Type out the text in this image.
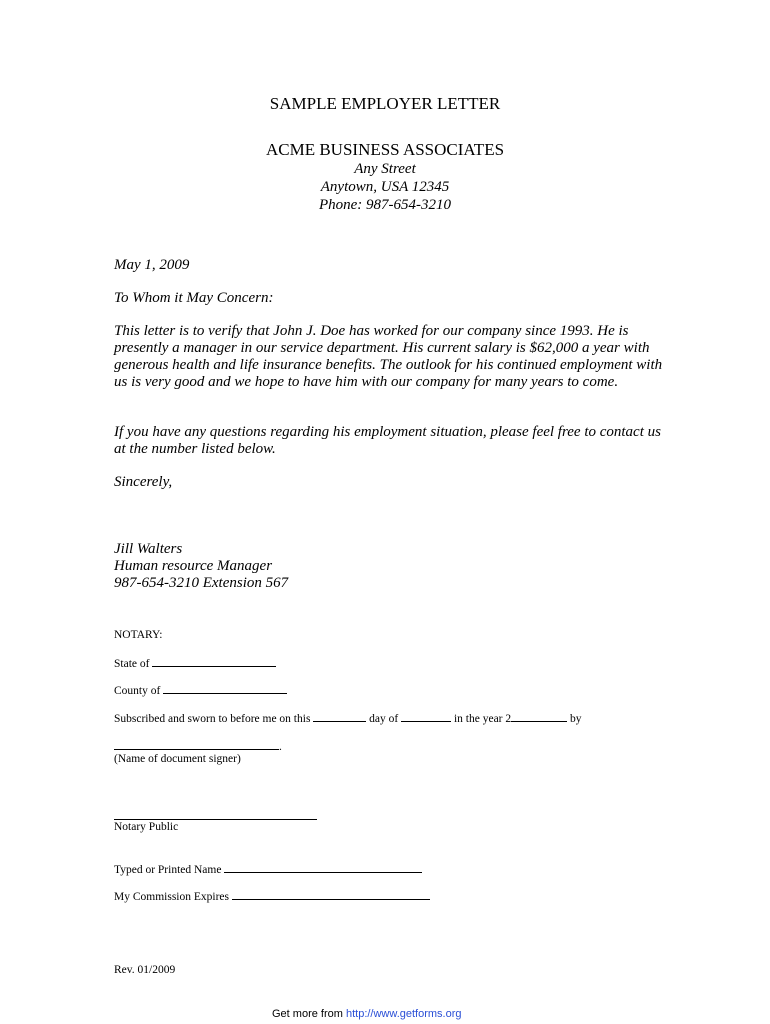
SAMPLE EMPLOYER LETTER
ACME BUSINESS ASSOCIATES
Any Street
Anytown, USA 12345
Phone: 987-654-3210
May 1, 2009
To Whom it May Concern:
This letter is to verify that John J. Doe has worked for our company since 1993. He is presently a manager in our service department. His current salary is $62,000 a year with generous health and life insurance benefits. The outlook for his continued employment with us is very good and we hope to have him with our company for many years to come.
If you have any questions regarding his employment situation, please feel free to contact us at the number listed below.
Sincerely,
Jill Walters
Human resource Manager
987-654-3210 Extension 567
NOTARY:
State of
County of
Subscribed and sworn to before me on this	day of	in the year 2	by
.
(Name of document signer)
Notary Public
Typed or Printed Name
My Commission Expires
Rev. 01/2009
Get more from http://www.getforms.org
